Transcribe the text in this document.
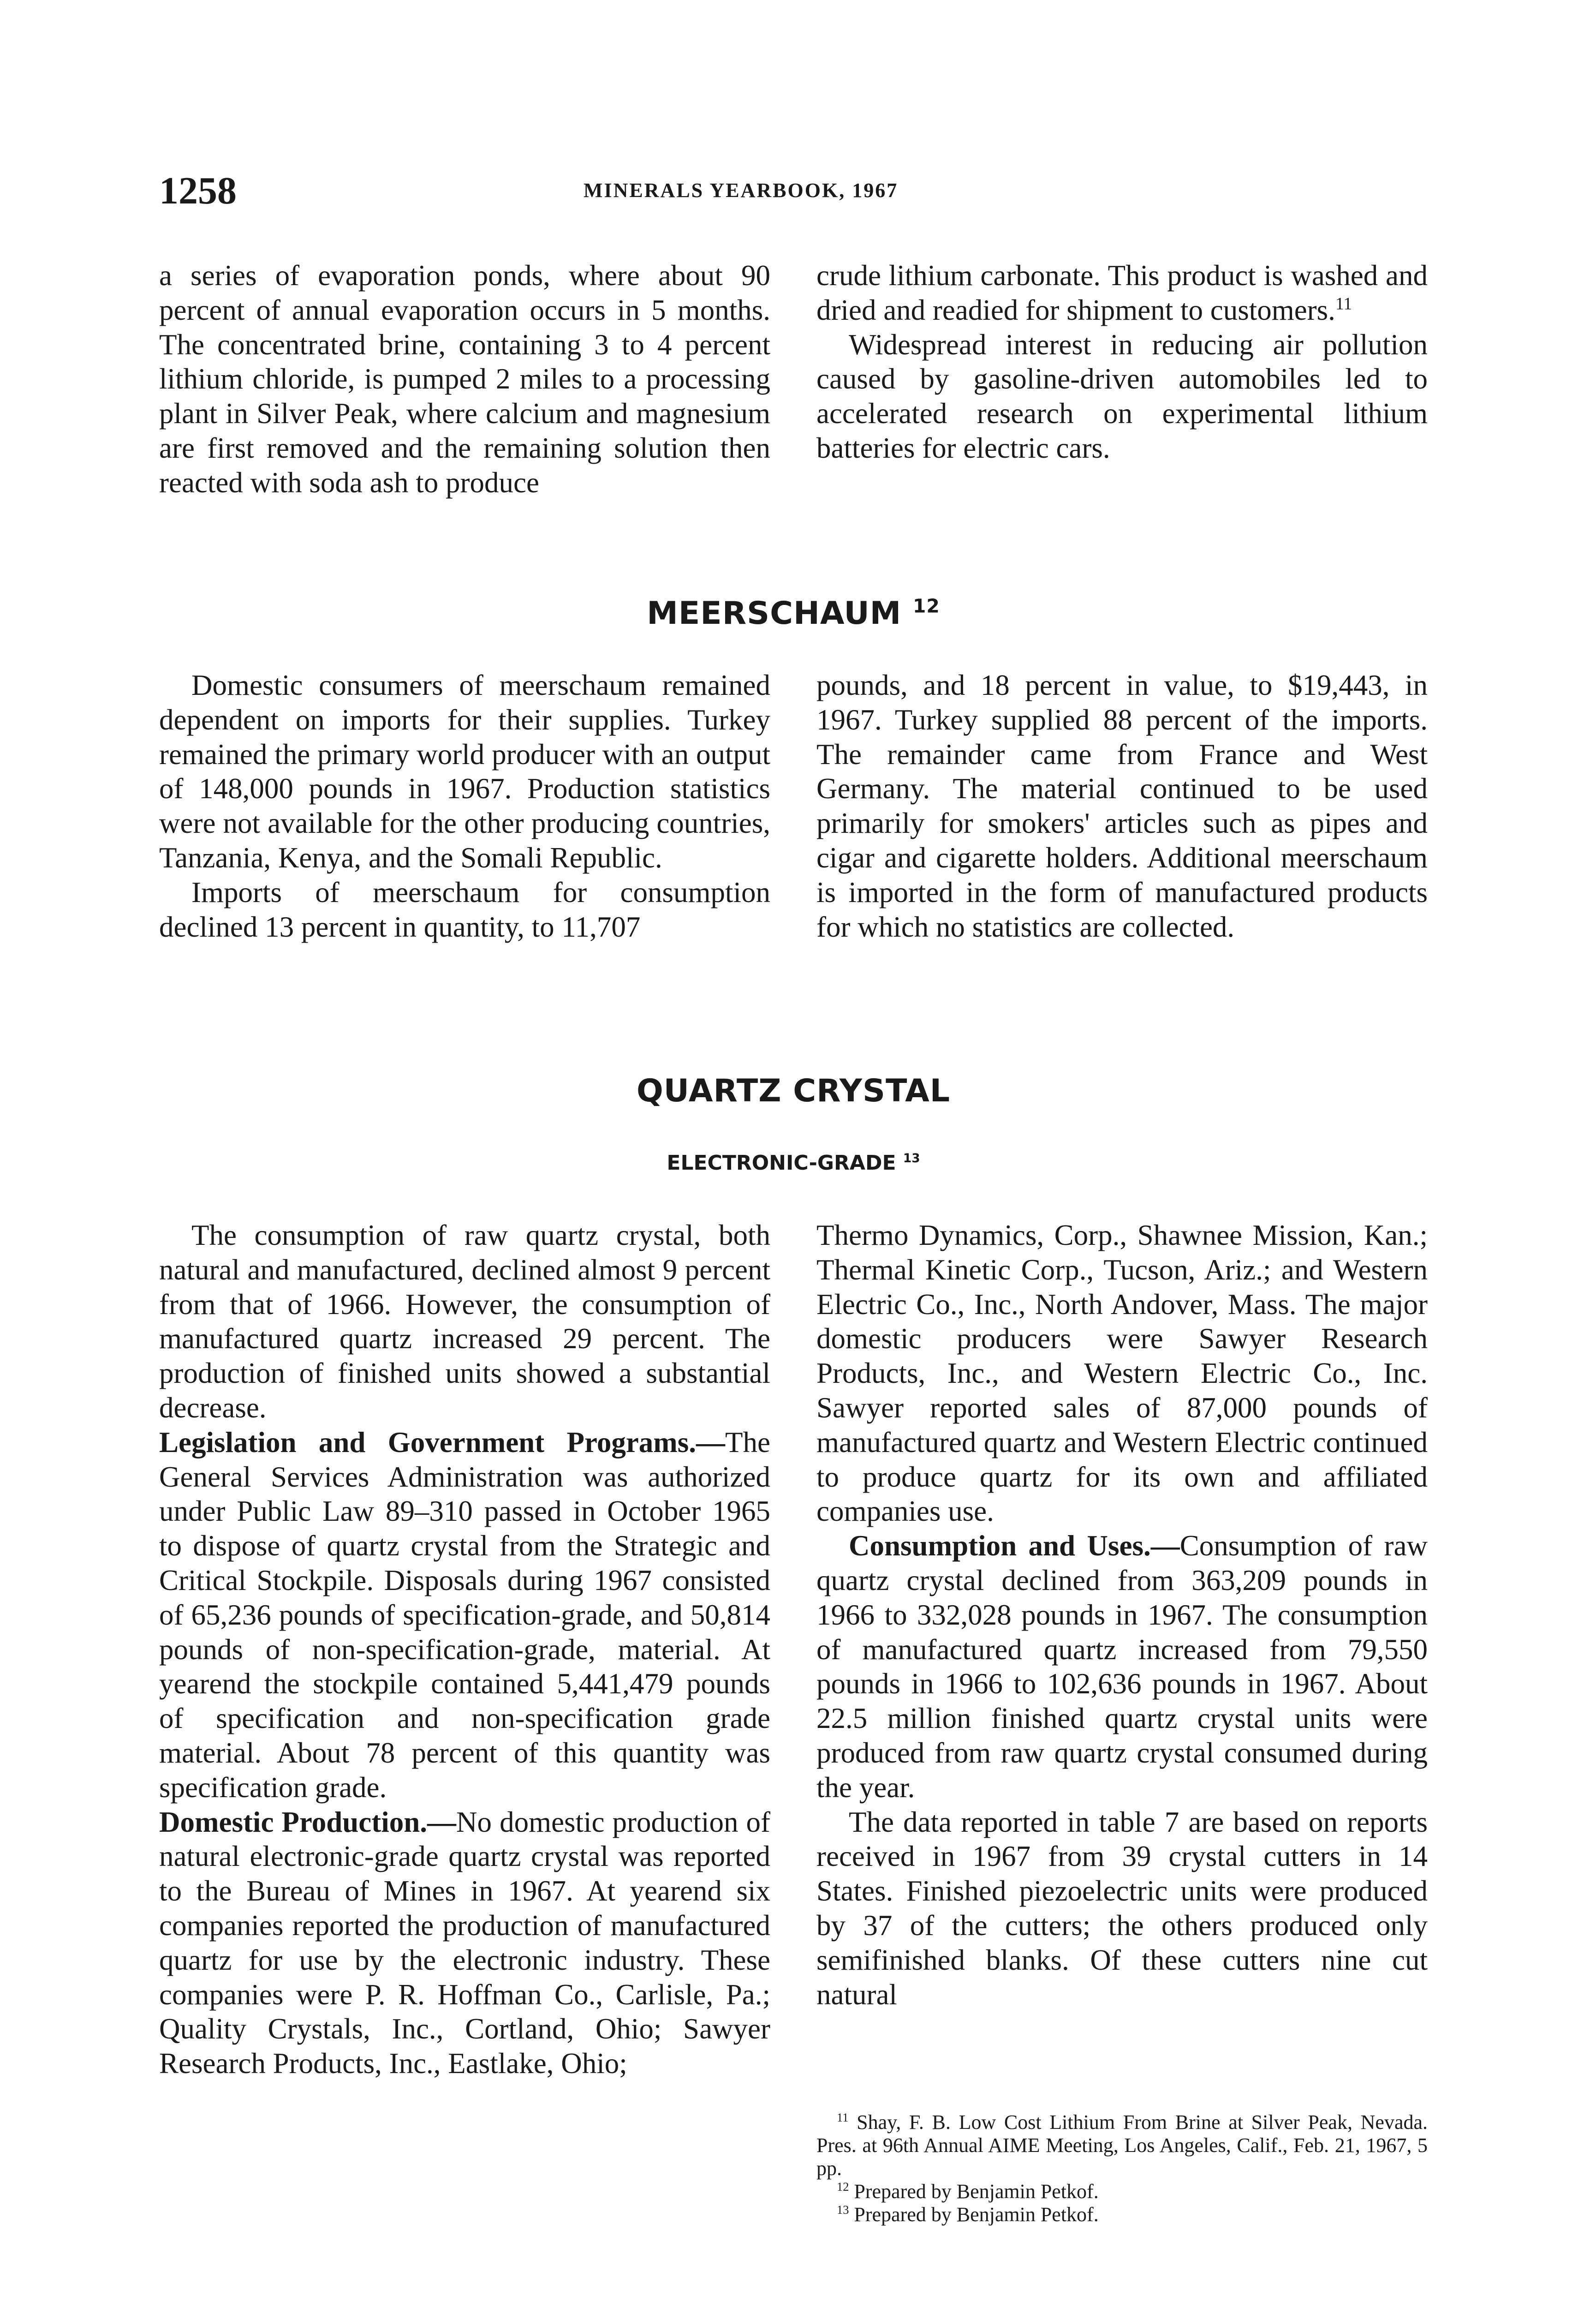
1258	MINERALS YEARBOOK, 1967

a series of evaporation ponds, where about 90 percent of annual evaporation occurs in 5 months. The concentrated brine, containing 3 to 4 percent lithium chloride, is pumped 2 miles to a processing plant in Silver Peak, where calcium and magnesium are first removed and the remaining solution then reacted with soda ash to produce

crude lithium carbonate. This product is washed and dried and readied for shipment to customers.$^{11}$

Widespread interest in reducing air pollution caused by gasoline-driven automobiles led to accelerated research on experimental lithium batteries for electric cars.

MEERSCHAUM $^{12}$

Domestic consumers of meerschaum remained dependent on imports for their supplies. Turkey remained the primary world producer with an output of 148,000 pounds in 1967. Production statistics were not available for the other producing countries, Tanzania, Kenya, and the Somali Republic.

Imports of meerschaum for consumption declined 13 percent in quantity, to 11,707

pounds, and 18 percent in value, to $19,443, in 1967. Turkey supplied 88 percent of the imports. The remainder came from France and West Germany. The material continued to be used primarily for smokers' articles such as pipes and cigar and cigarette holders. Additional meerschaum is imported in the form of manufactured products for which no statistics are collected.

QUARTZ CRYSTAL
ELECTRONIC-GRADE $^{13}$

The consumption of raw quartz crystal, both natural and manufactured, declined almost 9 percent from that of 1966. However, the consumption of manufactured quartz increased 29 percent. The production of finished units showed a substantial decrease.

Legislation and Government Programs.—The General Services Administration was authorized under Public Law 89–310 passed in October 1965 to dispose of quartz crystal from the Strategic and Critical Stockpile. Disposals during 1967 consisted of 65,236 pounds of specification-grade, and 50,814 pounds of non-specification-grade, material. At yearend the stockpile contained 5,441,479 pounds of specification and non-specification grade material. About 78 percent of this quantity was specification grade.

Domestic Production.—No domestic production of natural electronic-grade quartz crystal was reported to the Bureau of Mines in 1967. At yearend six companies reported the production of manufactured quartz for use by the electronic industry. These companies were P. R. Hoffman Co., Carlisle, Pa.; Quality Crystals, Inc., Cortland, Ohio; Sawyer Research Products, Inc., Eastlake, Ohio;

Thermo Dynamics, Corp., Shawnee Mission, Kan.; Thermal Kinetic Corp., Tucson, Ariz.; and Western Electric Co., Inc., North Andover, Mass. The major domestic producers were Sawyer Research Products, Inc., and Western Electric Co., Inc. Sawyer reported sales of 87,000 pounds of manufactured quartz and Western Electric continued to produce quartz for its own and affiliated companies use.

Consumption and Uses.—Consumption of raw quartz crystal declined from 363,209 pounds in 1966 to 332,028 pounds in 1967. The consumption of manufactured quartz increased from 79,550 pounds in 1966 to 102,636 pounds in 1967. About 22.5 million finished quartz crystal units were produced from raw quartz crystal consumed during the year.

The data reported in table 7 are based on reports received in 1967 from 39 crystal cutters in 14 States. Finished piezoelectric units were produced by 37 of the cutters; the others produced only semifinished blanks. Of these cutters nine cut natural

$^{11}$ Shay, F. B. Low Cost Lithium From Brine at Silver Peak, Nevada. Pres. at 96th Annual AIME Meeting, Los Angeles, Calif., Feb. 21, 1967, 5 pp.

$^{12}$ Prepared by Benjamin Petkof.

$^{13}$ Prepared by Benjamin Petkof.
